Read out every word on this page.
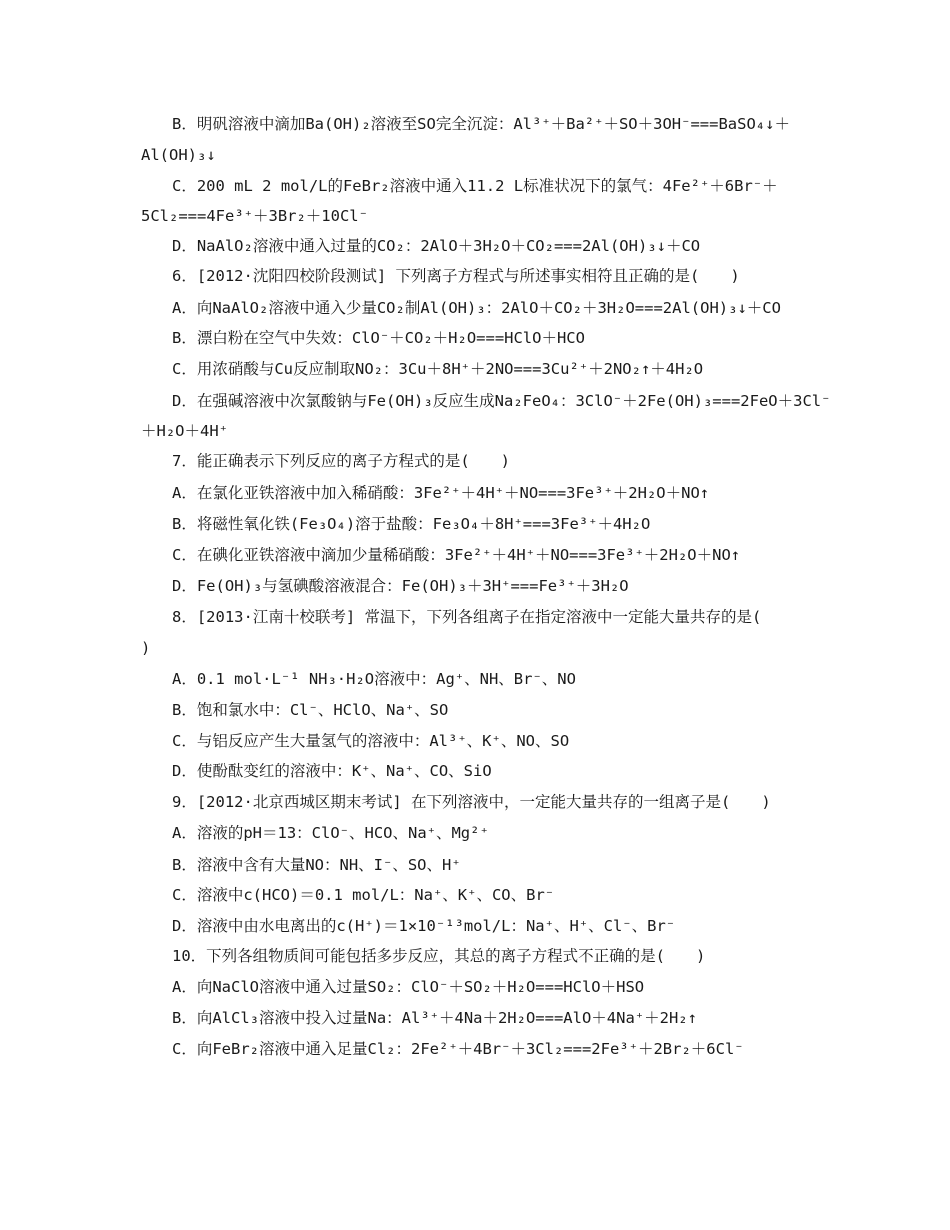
B．明矾溶液中滴加Ba(OH)₂溶液至SO完全沉淀：Al³⁺＋Ba²⁺＋SO＋3OH⁻===BaSO₄↓＋
Al(OH)₃↓
C．200 mL 2 mol/L的FeBr₂溶液中通入11.2 L标准状况下的氯气：4Fe²⁺＋6Br⁻＋
5Cl₂===4Fe³⁺＋3Br₂＋10Cl⁻
D．NaAlO₂溶液中通入过量的CO₂：2AlO＋3H₂O＋CO₂===2Al(OH)₃↓＋CO
6．[2012·沈阳四校阶段测试] 下列离子方程式与所述事实相符且正确的是(　　)
A．向NaAlO₂溶液中通入少量CO₂制Al(OH)₃：2AlO＋CO₂＋3H₂O===2Al(OH)₃↓＋CO
B．漂白粉在空气中失效：ClO⁻＋CO₂＋H₂O===HClO＋HCO
C．用浓硝酸与Cu反应制取NO₂：3Cu＋8H⁺＋2NO===3Cu²⁺＋2NO₂↑＋4H₂O
D．在强碱溶液中次氯酸钠与Fe(OH)₃反应生成Na₂FeO₄：3ClO⁻＋2Fe(OH)₃===2FeO＋3Cl⁻
＋H₂O＋4H⁺
7．能正确表示下列反应的离子方程式的是(　　)
A．在氯化亚铁溶液中加入稀硝酸：3Fe²⁺＋4H⁺＋NO===3Fe³⁺＋2H₂O＋NO↑
B．将磁性氧化铁(Fe₃O₄)溶于盐酸：Fe₃O₄＋8H⁺===3Fe³⁺＋4H₂O
C．在碘化亚铁溶液中滴加少量稀硝酸：3Fe²⁺＋4H⁺＋NO===3Fe³⁺＋2H₂O＋NO↑
D．Fe(OH)₃与氢碘酸溶液混合：Fe(OH)₃＋3H⁺===Fe³⁺＋3H₂O
8．[2013·江南十校联考] 常温下，下列各组离子在指定溶液中一定能大量共存的是(
)
A．0.1 mol·L⁻¹ NH₃·H₂O溶液中：Ag⁺、NH、Br⁻、NO
B．饱和氯水中：Cl⁻、HClO、Na⁺、SO
C．与铝反应产生大量氢气的溶液中：Al³⁺、K⁺、NO、SO
D．使酚酞变红的溶液中：K⁺、Na⁺、CO、SiO
9．[2012·北京西城区期末考试] 在下列溶液中，一定能大量共存的一组离子是(　　)
A．溶液的pH＝13：ClO⁻、HCO、Na⁺、Mg²⁺
B．溶液中含有大量NO：NH、I⁻、SO、H⁺
C．溶液中c(HCO)＝0.1 mol/L：Na⁺、K⁺、CO、Br⁻
D．溶液中由水电离出的c(H⁺)＝1×10⁻¹³mol/L：Na⁺、H⁺、Cl⁻、Br⁻
10．下列各组物质间可能包括多步反应，其总的离子方程式不正确的是(　　)
A．向NaClO溶液中通入过量SO₂：ClO⁻＋SO₂＋H₂O===HClO＋HSO
B．向AlCl₃溶液中投入过量Na：Al³⁺＋4Na＋2H₂O===AlO＋4Na⁺＋2H₂↑
C．向FeBr₂溶液中通入足量Cl₂：2Fe²⁺＋4Br⁻＋3Cl₂===2Fe³⁺＋2Br₂＋6Cl⁻
